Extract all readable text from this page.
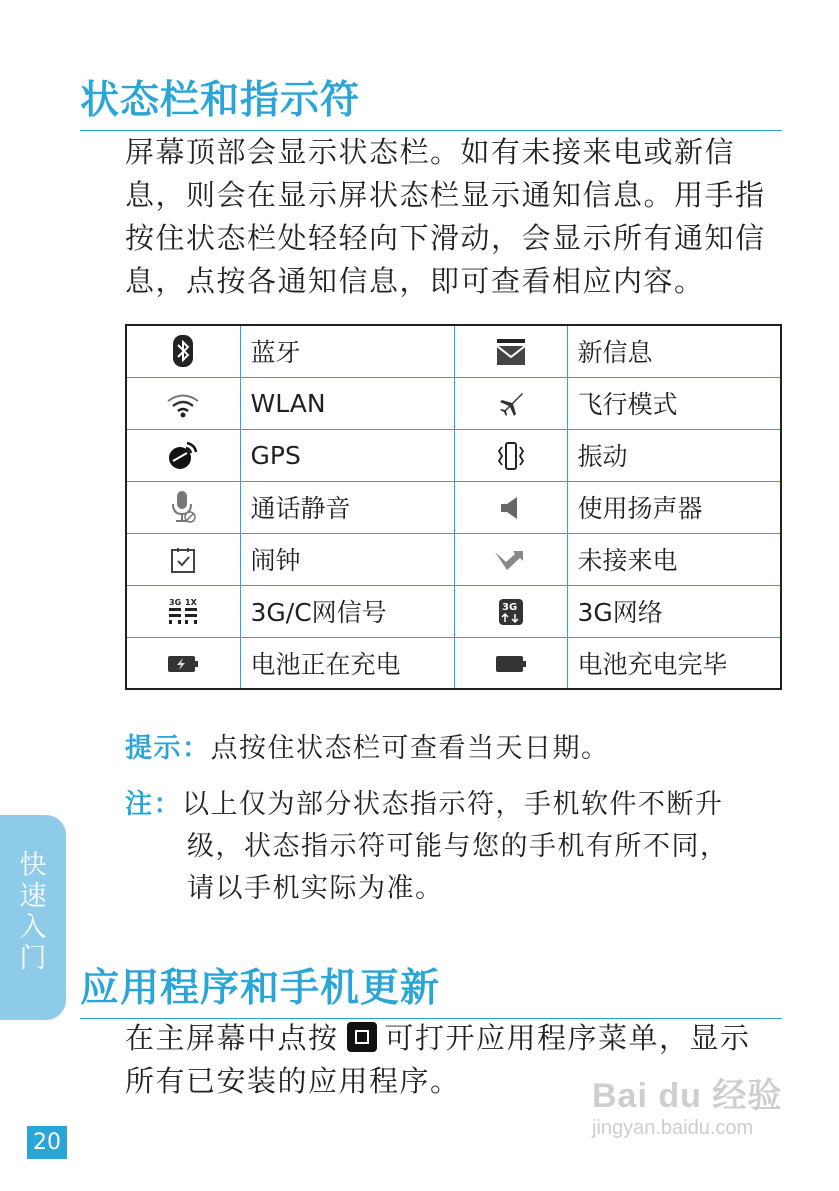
状态栏和指示符
屏幕顶部会显示状态栏。如有未接来电或新信
息，则会在显示屏状态栏显示通知信息。用手指
按住状态栏处轻轻向下滑动，会显示所有通知信
息，点按各通知信息，即可查看相应内容。
	蓝牙		新信息
	WLAN		飞行模式
	GPS		振动
	通话静音		使用扬声器
	闹钟		未接来电

3G 1X	3G/C网信号	3G	3G网络
	电池正在充电		电池充电完毕
提示：点按住状态栏可查看当天日期。
注：以上仅为部分状态指示符，手机软件不断升
级，状态指示符可能与您的手机有所不同，
请以手机实际为准。
应用程序和手机更新
在主屏幕中点按 可打开应用程序菜单，显示
所有已安装的应用程序。
快
速
入
门
20
Bai du 经验
jingyan.baidu.com
